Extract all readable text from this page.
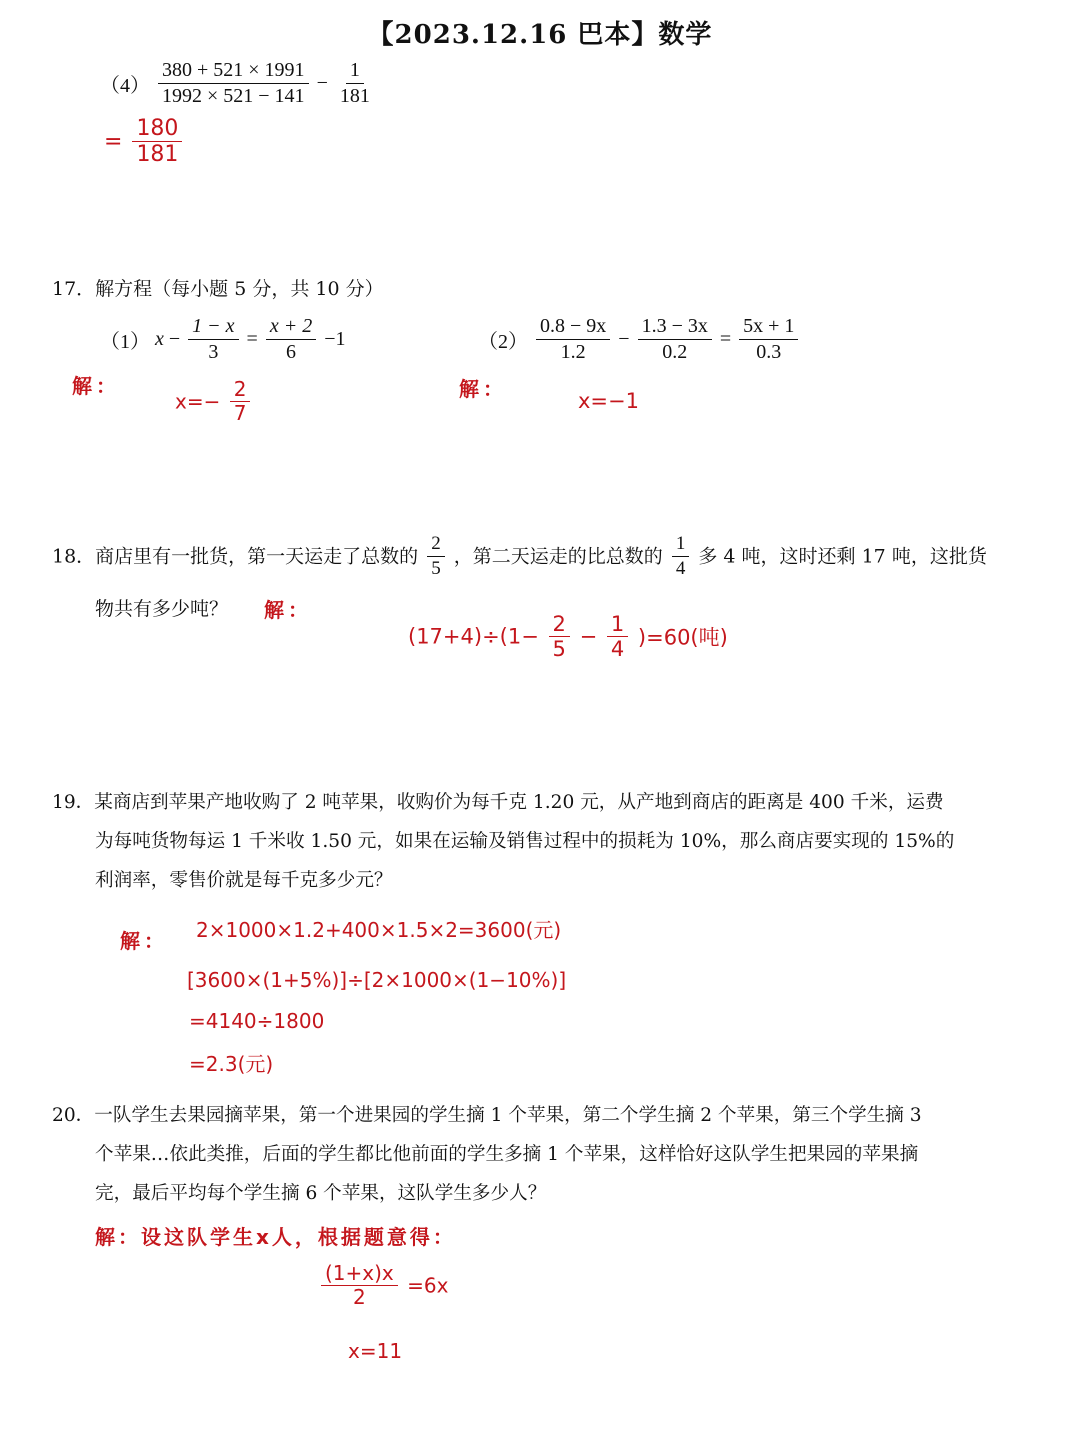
【2023.12.16 巴本】数学
$(4) \frac{380 + 521 \times 1991}{1992 \times 521 - 141} - \frac{1}{181}$
= $\frac{180}{181}$
17．解方程（每小题 5 分，共 10 分）
（1） $x - \frac{1 - x}{3} = \frac{x + 2}{6} -1$
解：
$x=- \frac{2}{7}$
$(2) \frac{0.8 - 9x}{1.2} - \frac{1.3 - 3x}{0.2} = \frac{5x + 1}{0.3}$
解：	x=−1
18．商店里有一批货，第一天运走了总数的 $\frac{2}{5}$ ，第二天运走的比总数的 $\frac{1}{4}$ 多 4 吨，这时还剩 17 吨，这批货
物共有多少吨？ 解：
$(17+4)\div(1- \frac{2}{5} - \frac{1}{4} )=60$(吨)
19．某商店到苹果产地收购了 2 吨苹果，收购价为每千克 1.20 元，从产地到商店的距离是 400 千米，运费
为每吨货物每运 1 千米收 1.50 元，如果在运输及销售过程中的损耗为 10%，那么商店要实现的 15%的
利润率，零售价就是每千克多少元？
解： 2×1000×1.2+400×1.5×2=3600(元)
[3600×(1+5%)]÷[2×1000×(1−10%)]
=4140÷1800
=2.3(元)
20．一队学生去果园摘苹果，第一个进果园的学生摘 1 个苹果，第二个学生摘 2 个苹果，第三个学生摘 3
个苹果…依此类推，后面的学生都比他前面的学生多摘 1 个苹果，这样恰好这队学生把果园的苹果摘
完，最后平均每个学生摘 6 个苹果，这队学生多少人？
解：设这队学生x人，根据题意得：
$\frac{(1+x)x}{2} =6x$
x=11
